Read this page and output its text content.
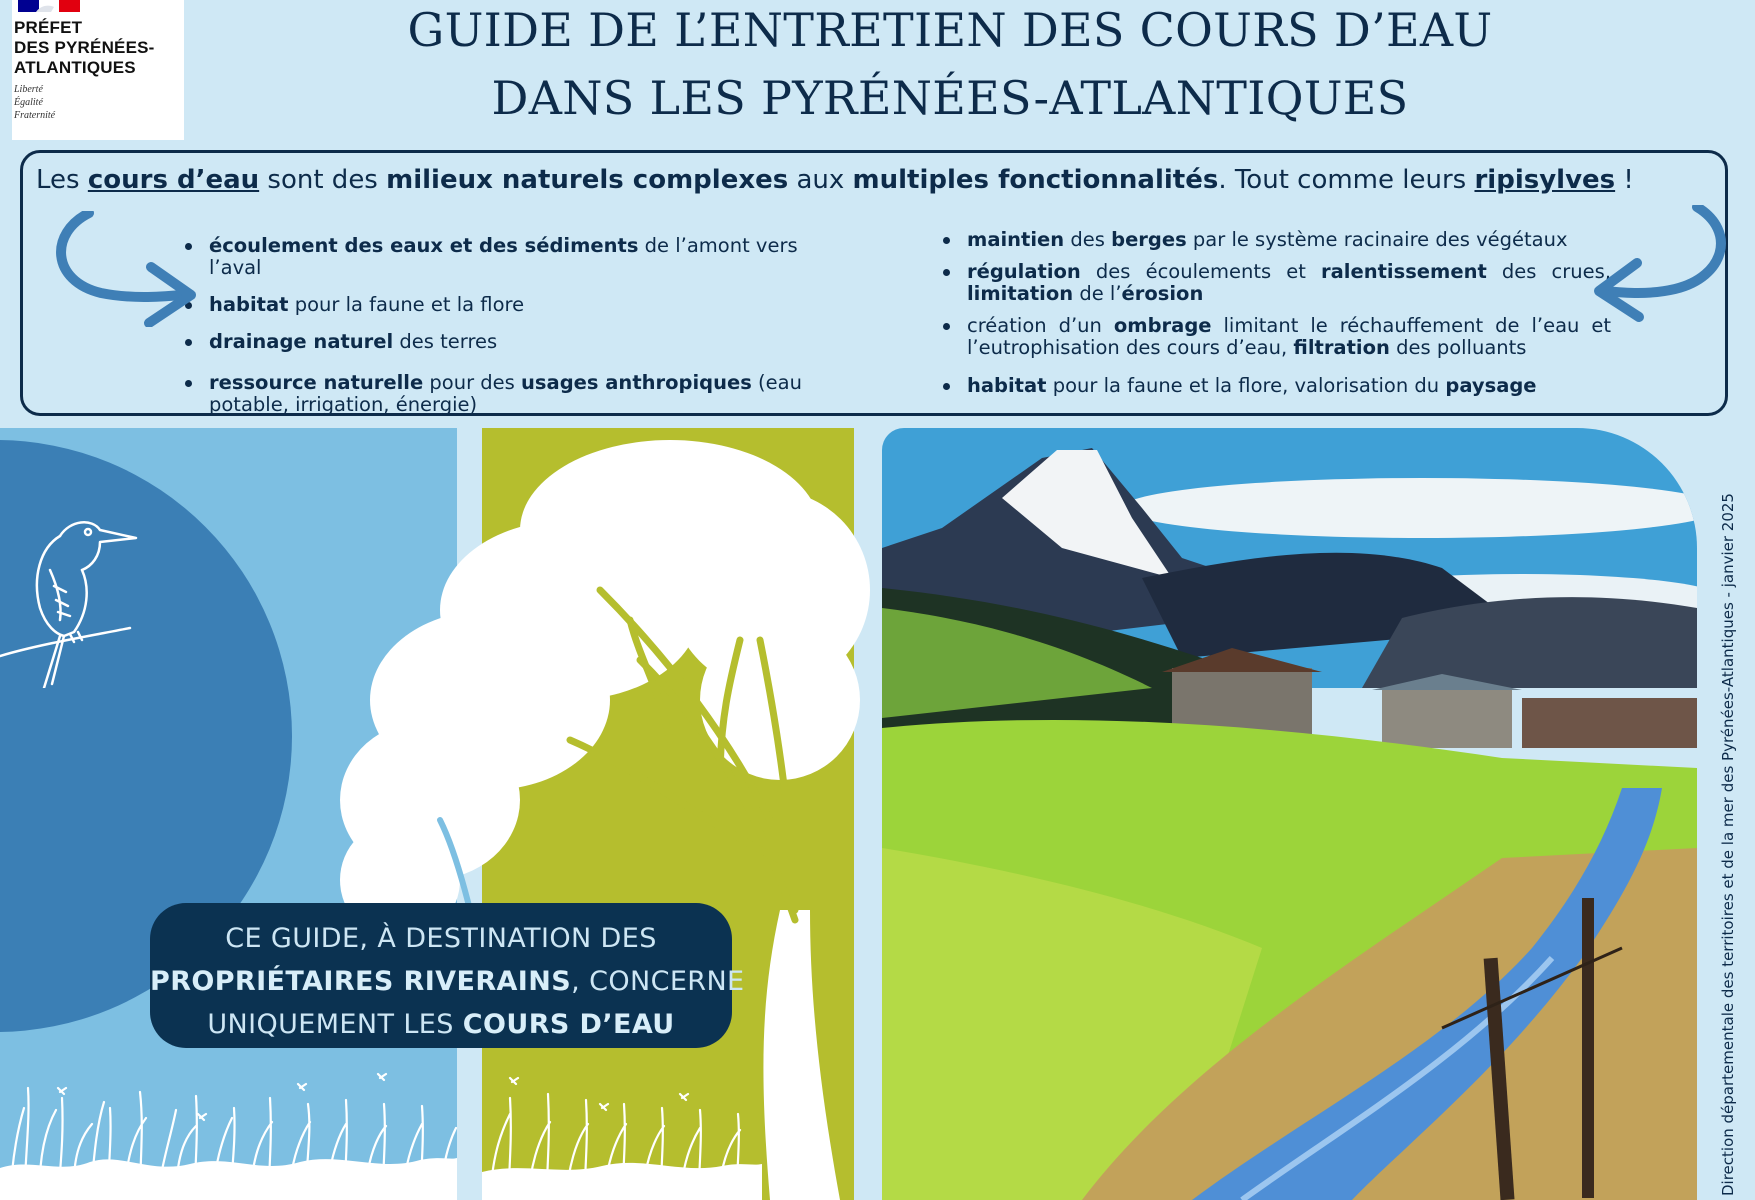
PRÉFET
DES PYRÉNÉES-
ATLANTIQUES
Liberté
Égalité
Fraternité
GUIDE DE L’ENTRETIEN DES COURS D’EAU
DANS LES PYRÉNÉES-ATLANTIQUES
Les cours d’eau sont des milieux naturels complexes aux multiples fonctionnalités. Tout comme leurs ripisylves !
écoulement des eaux et des sédiments de l’amont vers l’aval
habitat pour la faune et la flore
drainage naturel des terres
ressource naturelle pour des usages anthropiques (eau potable, irrigation, énergie)
maintien des berges par le système racinaire des végétaux
régulation des écoulements et ralentissement des crues, limitation de l’érosion
création d’un ombrage limitant le réchauffement de l’eau et l’eutrophisation des cours d’eau, filtration des polluants
habitat pour la faune et la flore, valorisation du paysage
CE GUIDE, À DESTINATION DES
PROPRIÉTAIRES RIVERAINS, CONCERNE
UNIQUEMENT LES COURS D’EAU	Direction départementale des territoires et de la mer des Pyrénées-Atlantiques - janvier 2025
